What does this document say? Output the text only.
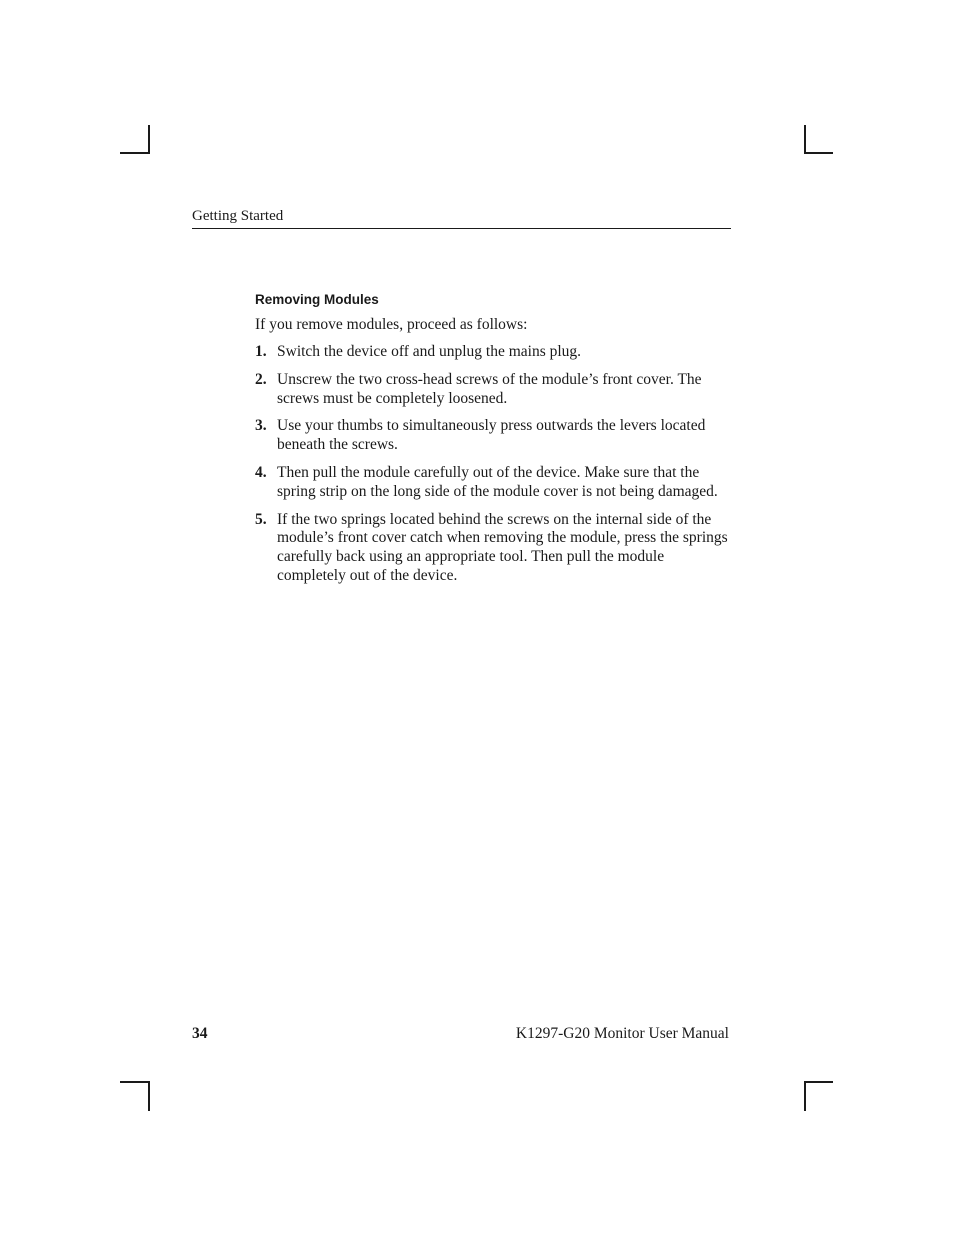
Getting Started
Removing Modules

If you remove modules, proceed as follows:

1. Switch the device off and unplug the mains plug.
2. Unscrew the two cross-head screws of the module’s front cover. The screws must be completely loosened.
3. Use your thumbs to simultaneously press outwards the levers located beneath the screws.
4. Then pull the module carefully out of the device. Make sure that the spring strip on the long side of the module cover is not being damaged.
5. If the two springs located behind the screws on the internal side of the module’s front cover catch when removing the module, press the springs carefully back using an appropriate tool. Then pull the module completely out of the device.
34	K1297-G20 Monitor User Manual
